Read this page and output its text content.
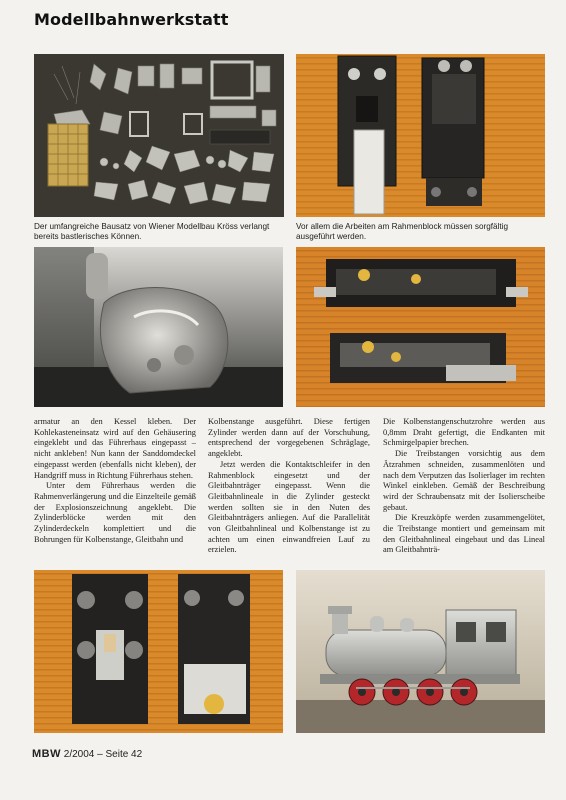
Modellbahnwerkstatt
Der umfangreiche Bausatz von Wiener Modellbau Kröss verlangt bereits bastlerisches Können.
Vor allem die Arbeiten am Rahmenblock müssen sorgfältig ausgeführt werden.

armatur an den Kessel kleben. Der Kohlekasteneinsatz wird auf den Gehäusering eingeklebt und das Führerhaus eingepasst – nicht ankleben! Nun kann der Sanddomdeckel eingepasst werden (ebenfalls nicht kleben), der Handgriff muss in Richtung Führerhaus stehen.

Unter dem Führerhaus werden die Rahmenverlängerung und die Einzelteile gemäß der Explosionszeichnung angeklebt. Die Zylinderblöcke werden mit den Zylinderdeckeln komplettiert und die Bohrungen für Kolbenstange, Gleitbahn und

Kolbenstange ausgeführt. Diese fertigen Zylinder werden dann auf der Vorschuhung, entsprechend der vorgegebenen Schräglage, angeklebt.

Jetzt werden die Kontaktschleifer in den Rahmenblock eingesetzt und der Gleitbahnträger eingepasst. Wenn die Gleitbahnlineale in die Zylinder gesteckt werden sollten sie in den Nuten des Gleitbahnträgers anliegen. Auf die Parallelität von Gleitbahnlineal und Kolbenstange ist zu achten um einen einwandfreien Lauf zu erzielen.

Die Kolbenstangenschutzrohre werden aus 0,8mm Draht gefertigt, die Endkanten mit Schmirgelpapier brechen.

Die Treibstangen vorsichtig aus dem Ätzrahmen schneiden, zusammenlöten und nach dem Verputzen das Isolierlager im rechten Winkel einkleben. Gemäß der Beschreibung wird der Schraubensatz mit der Isolierscheibe gebaut.

Die Kreuzköpfe werden zusammengelötet, die Treibstange montiert und gemeinsam mit den Gleitbahnlineal eingebaut und das Lineal am Gleitbahnträ-

MBW 2/2004 – Seite 42
